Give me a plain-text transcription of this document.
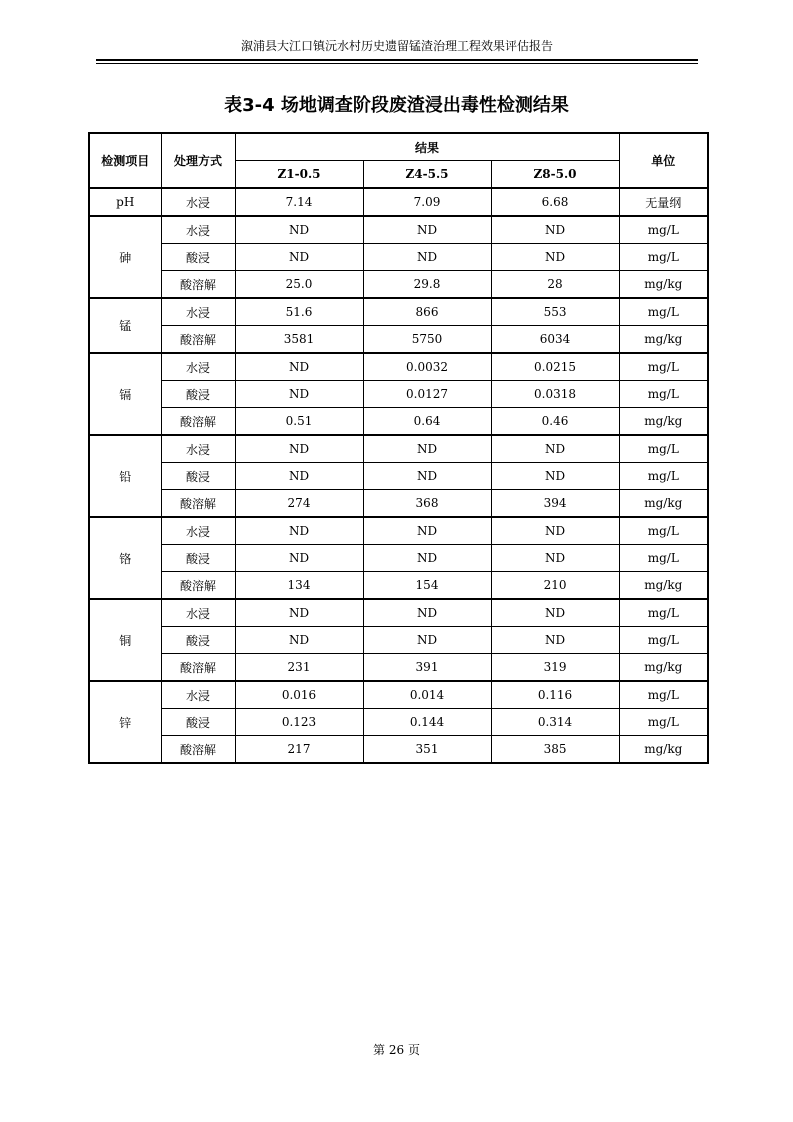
溆浦县大江口镇沅水村历史遗留锰渣治理工程效果评估报告
表3-4 场地调查阶段废渣浸出毒性检测结果
检测项目	处理方式	结果			单位
		Z1-0.5	Z4-5.5	Z8-5.0	
pH	水浸	7.14	7.09	6.68	无量纲
砷	水浸	ND	ND	ND	mg/L
	酸浸	ND	ND	ND	mg/L
	酸溶解	25.0	29.8	28	mg/kg
锰	水浸	51.6	866	553	mg/L
	酸溶解	3581	5750	6034	mg/kg
镉	水浸	ND	0.0032	0.0215	mg/L
	酸浸	ND	0.0127	0.0318	mg/L
	酸溶解	0.51	0.64	0.46	mg/kg
铅	水浸	ND	ND	ND	mg/L
	酸浸	ND	ND	ND	mg/L
	酸溶解	274	368	394	mg/kg
铬	水浸	ND	ND	ND	mg/L
	酸浸	ND	ND	ND	mg/L
	酸溶解	134	154	210	mg/kg
铜	水浸	ND	ND	ND	mg/L
	酸浸	ND	ND	ND	mg/L
	酸溶解	231	391	319	mg/kg
锌	水浸	0.016	0.014	0.116	mg/L
	酸浸	0.123	0.144	0.314	mg/L
	酸溶解	217	351	385	mg/kg
第 26 页
